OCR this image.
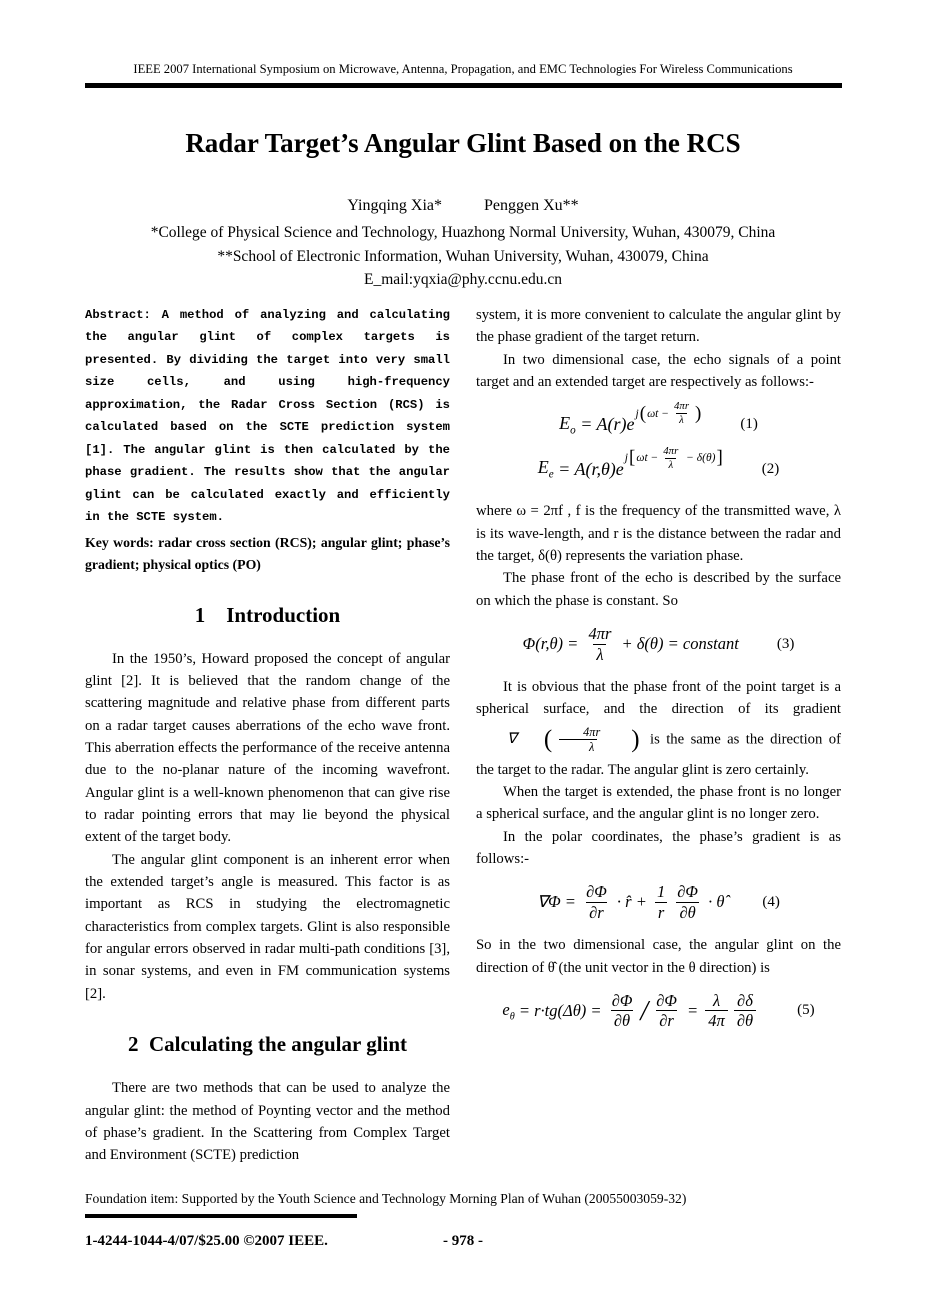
IEEE 2007 International Symposium on Microwave, Antenna, Propagation, and EMC Technologies For Wireless Communications
Radar Target’s Angular Glint Based on the RCS
Yingqing Xia*	Penggen Xu**
*College of Physical Science and Technology, Huazhong Normal University, Wuhan, 430079, China
**School of Electronic Information, Wuhan University, Wuhan, 430079, China
E_mail:yqxia@phy.ccnu.edu.cn

Abstract: A method of analyzing and calculating the angular glint of complex targets is presented. By dividing the target into very small size cells, and using high-frequency approximation, the Radar Cross Section (RCS) is calculated based on the SCTE prediction system [1]. The angular glint is then calculated by the phase gradient. The results show that the angular glint can be calculated exactly and efficiently in the SCTE system.

Key words: radar cross section (RCS); angular glint; phase’s gradient; physical optics (PO)

1 Introduction

In the 1950’s, Howard proposed the concept of angular glint [2]. It is believed that the random change of the scattering magnitude and relative phase from different parts on a radar target causes aberrations of the echo wave front. This aberration effects the performance of the receive antenna due to the no-planar nature of the incoming wavefront. Angular glint is a well-known phenomenon that can give rise to radar pointing errors that may lie beyond the physical extent of the target body.

The angular glint component is an inherent error when the extended target’s angle is measured. This factor is as important as RCS in studying the electromagnetic characteristics from complex targets. Glint is also responsible for angular errors observed in radar multi-path conditions [3], in sonar systems, and even in FM communication systems [2].

2 Calculating the angular glint

There are two methods that can be used to analyze the angular glint: the method of Poynting vector and the method of phase’s gradient. In the Scattering from Complex Target and Environment (SCTE) prediction

system, it is more convenient to calculate the angular glint by the phase gradient of the target return.

In two dimensional case, the echo signals of a point target and an extended target are respectively as follows:-

$E_o = A(r)e$
j ( $\omega t - \frac{4\pi r}{\lambda}$ )
(1)
$E_e = A(r,\theta)e$
j [ $\omega t - \frac{4\pi r}{\lambda} - \delta(\theta)$ ]
(2)

where ω = 2πf , f is the frequency of the transmitted wave, λ is its wave-length, and r is the distance between the radar and the target, δ(θ) represents the variation phase.

The phase front of the echo is described by the surface on which the phase is constant. So

$\Phi(r,\theta) = \frac{4\pi r}{\lambda} + \delta(\theta)$ = constant	(3)

It is obvious that the phase front of the point target is a spherical surface, and the direction of its gradient
∇	( $\frac{4\pi r}{\lambda}$	) is the same as the direction of the target to the radar. The angular glint is zero certainly.

When the target is extended, the phase front is no longer a spherical surface, and the angular glint is no longer zero.

In the polar coordinates, the phase’s gradient is as follows:-

$\nabla\Phi = \frac{\partial\Phi}{\partial r}$ · r̂ + $\frac{1}{r} \frac{\partial\Phi}{\partial\theta}$ · θ̂	(4)

So in the two dimensional case, the angular glint on the direction of θ̂ (the unit vector in the θ direction) is

$e_\theta = r\cdot tg(\Delta\theta) = \frac{\partial\Phi}{\partial\theta} / \frac{\partial\Phi}{\partial r} = \frac{\lambda}{4\pi} \frac{\partial\delta}{\partial\theta}$	(5)
Foundation item: Supported by the Youth Science and Technology Morning Plan of Wuhan (20055003059-32)
1-4244-1044-4/07/$25.00 ©2007 IEEE.	- 978 -
